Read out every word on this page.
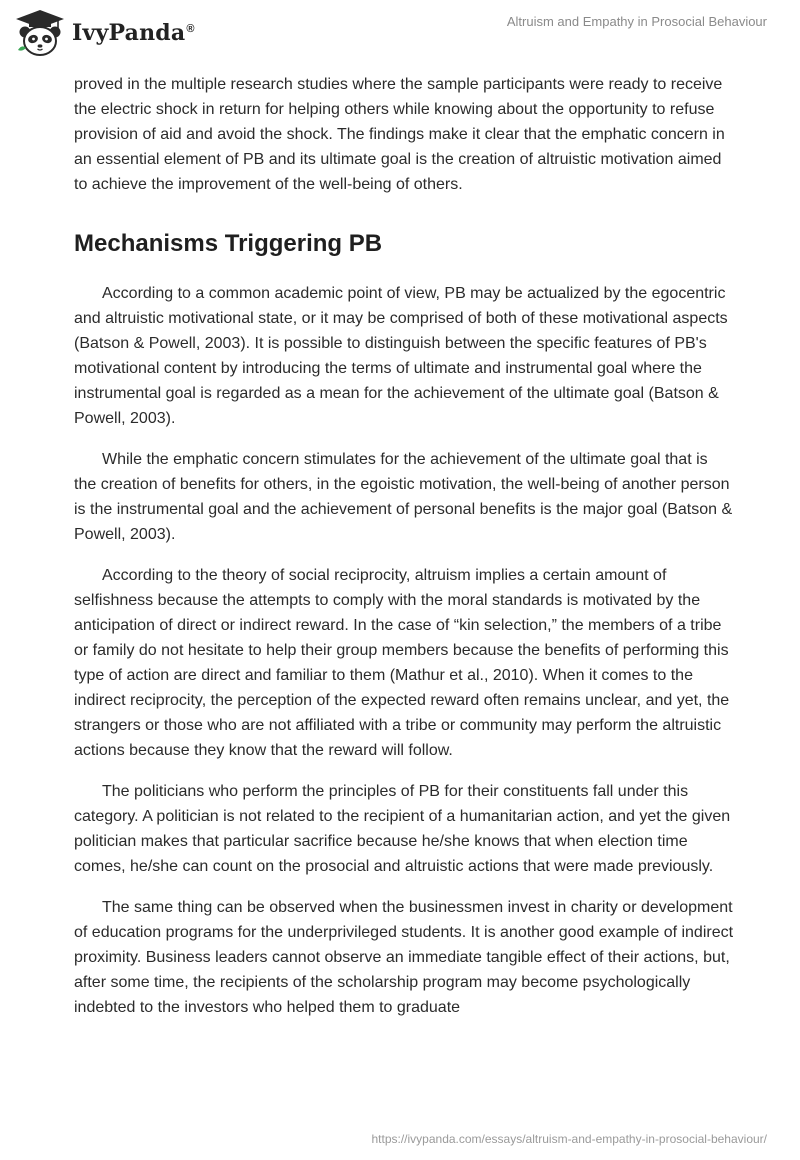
IvyPanda®	Altruism and Empathy in Prosocial Behaviour

proved in the multiple research studies where the sample participants were ready to receive the electric shock in return for helping others while knowing about the opportunity to refuse provision of aid and avoid the shock. The findings make it clear that the emphatic concern in an essential element of PB and its ultimate goal is the creation of altruistic motivation aimed to achieve the improvement of the well-being of others.

Mechanisms Triggering PB

According to a common academic point of view, PB may be actualized by the egocentric and altruistic motivational state, or it may be comprised of both of these motivational aspects (Batson & Powell, 2003). It is possible to distinguish between the specific features of PB's motivational content by introducing the terms of ultimate and instrumental goal where the instrumental goal is regarded as a mean for the achievement of the ultimate goal (Batson & Powell, 2003).

While the emphatic concern stimulates for the achievement of the ultimate goal that is the creation of benefits for others, in the egoistic motivation, the well-being of another person is the instrumental goal and the achievement of personal benefits is the major goal (Batson & Powell, 2003).

According to the theory of social reciprocity, altruism implies a certain amount of selfishness because the attempts to comply with the moral standards is motivated by the anticipation of direct or indirect reward. In the case of “kin selection,” the members of a tribe or family do not hesitate to help their group members because the benefits of performing this type of action are direct and familiar to them (Mathur et al., 2010). When it comes to the indirect reciprocity, the perception of the expected reward often remains unclear, and yet, the strangers or those who are not affiliated with a tribe or community may perform the altruistic actions because they know that the reward will follow.

The politicians who perform the principles of PB for their constituents fall under this category. A politician is not related to the recipient of a humanitarian action, and yet the given politician makes that particular sacrifice because he/she knows that when election time comes, he/she can count on the prosocial and altruistic actions that were made previously.

The same thing can be observed when the businessmen invest in charity or development of education programs for the underprivileged students. It is another good example of indirect proximity. Business leaders cannot observe an immediate tangible effect of their actions, but, after some time, the recipients of the scholarship program may become psychologically indebted to the investors who helped them to graduate

https://ivypanda.com/essays/altruism-and-empathy-in-prosocial-behaviour/
